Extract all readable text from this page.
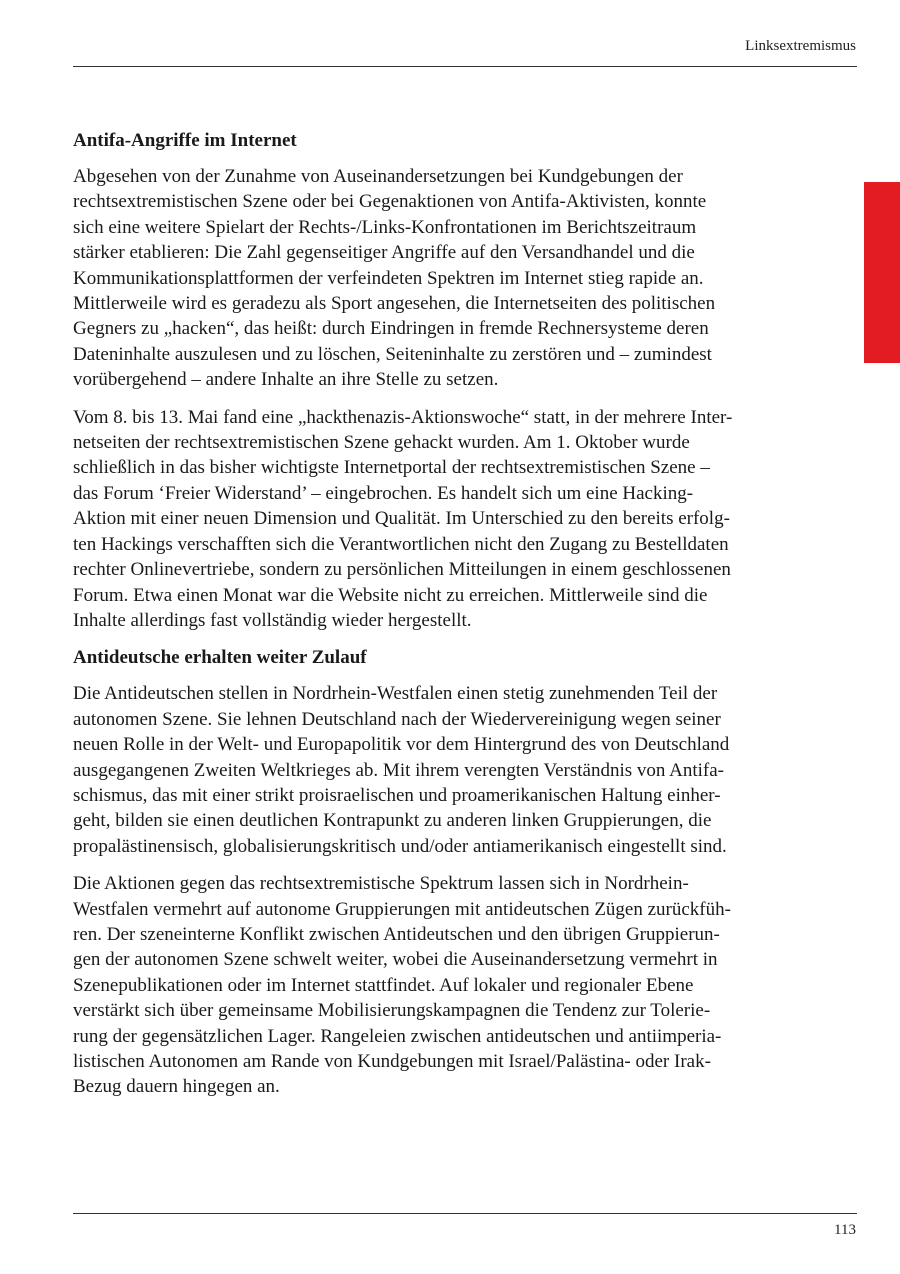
Linksextremismus
Antifa-Angriffe im Internet

Abgesehen von der Zunahme von Auseinandersetzungen bei Kundgebungen der
rechtsextremistischen Szene oder bei Gegenaktionen von Antifa-Aktivisten, konnte
sich eine weitere Spielart der Rechts-/Links-Konfrontationen im Berichtszeitraum
stärker etablieren: Die Zahl gegenseitiger Angriffe auf den Versandhandel und die
Kommunikationsplattformen der verfeindeten Spektren im Internet stieg rapide an.
Mittlerweile wird es geradezu als Sport angesehen, die Internetseiten des politischen
Gegners zu „hacken“, das heißt: durch Eindringen in fremde Rechnersysteme deren
Dateninhalte auszulesen und zu löschen, Seiteninhalte zu zerstören und – zumindest
vorübergehend – andere Inhalte an ihre Stelle zu setzen.

Vom 8. bis 13. Mai fand eine „hackthenazis-Aktionswoche“ statt, in der mehrere Inter-
netseiten der rechtsextremistischen Szene gehackt wurden. Am 1. Oktober wurde
schließlich in das bisher wichtigste Internetportal der rechtsextremistischen Szene –
das Forum ‘Freier Widerstand’ – eingebrochen. Es handelt sich um eine Hacking-
Aktion mit einer neuen Dimension und Qualität. Im Unterschied zu den bereits erfolg-
ten Hackings verschafften sich die Verantwortlichen nicht den Zugang zu Bestelldaten
rechter Onlinevertriebe, sondern zu persönlichen Mitteilungen in einem geschlossenen
Forum. Etwa einen Monat war die Website nicht zu erreichen. Mittlerweile sind die
Inhalte allerdings fast vollständig wieder hergestellt.

Antideutsche erhalten weiter Zulauf

Die Antideutschen stellen in Nordrhein-Westfalen einen stetig zunehmenden Teil der
autonomen Szene. Sie lehnen Deutschland nach der Wiedervereinigung wegen seiner
neuen Rolle in der Welt- und Europapolitik vor dem Hintergrund des von Deutschland
ausgegangenen Zweiten Weltkrieges ab. Mit ihrem verengten Verständnis von Antifa-
schismus, das mit einer strikt proisraelischen und proamerikanischen Haltung einher-
geht, bilden sie einen deutlichen Kontrapunkt zu anderen linken Gruppierungen, die
propalästinensisch, globalisierungskritisch und/oder antiamerikanisch eingestellt sind.

Die Aktionen gegen das rechtsextremistische Spektrum lassen sich in Nordrhein-
Westfalen vermehrt auf autonome Gruppierungen mit antideutschen Zügen zurückfüh-
ren. Der szeneinterne Konflikt zwischen Antideutschen und den übrigen Gruppierun-
gen der autonomen Szene schwelt weiter, wobei die Auseinandersetzung vermehrt in
Szenepublikationen oder im Internet stattfindet. Auf lokaler und regionaler Ebene
verstärkt sich über gemeinsame Mobilisierungskampagnen die Tendenz zur Tolerie-
rung der gegensätzlichen Lager. Rangeleien zwischen antideutschen und antiimperia-
listischen Autonomen am Rande von Kundgebungen mit Israel/Palästina- oder Irak-
Bezug dauern hingegen an.

113
